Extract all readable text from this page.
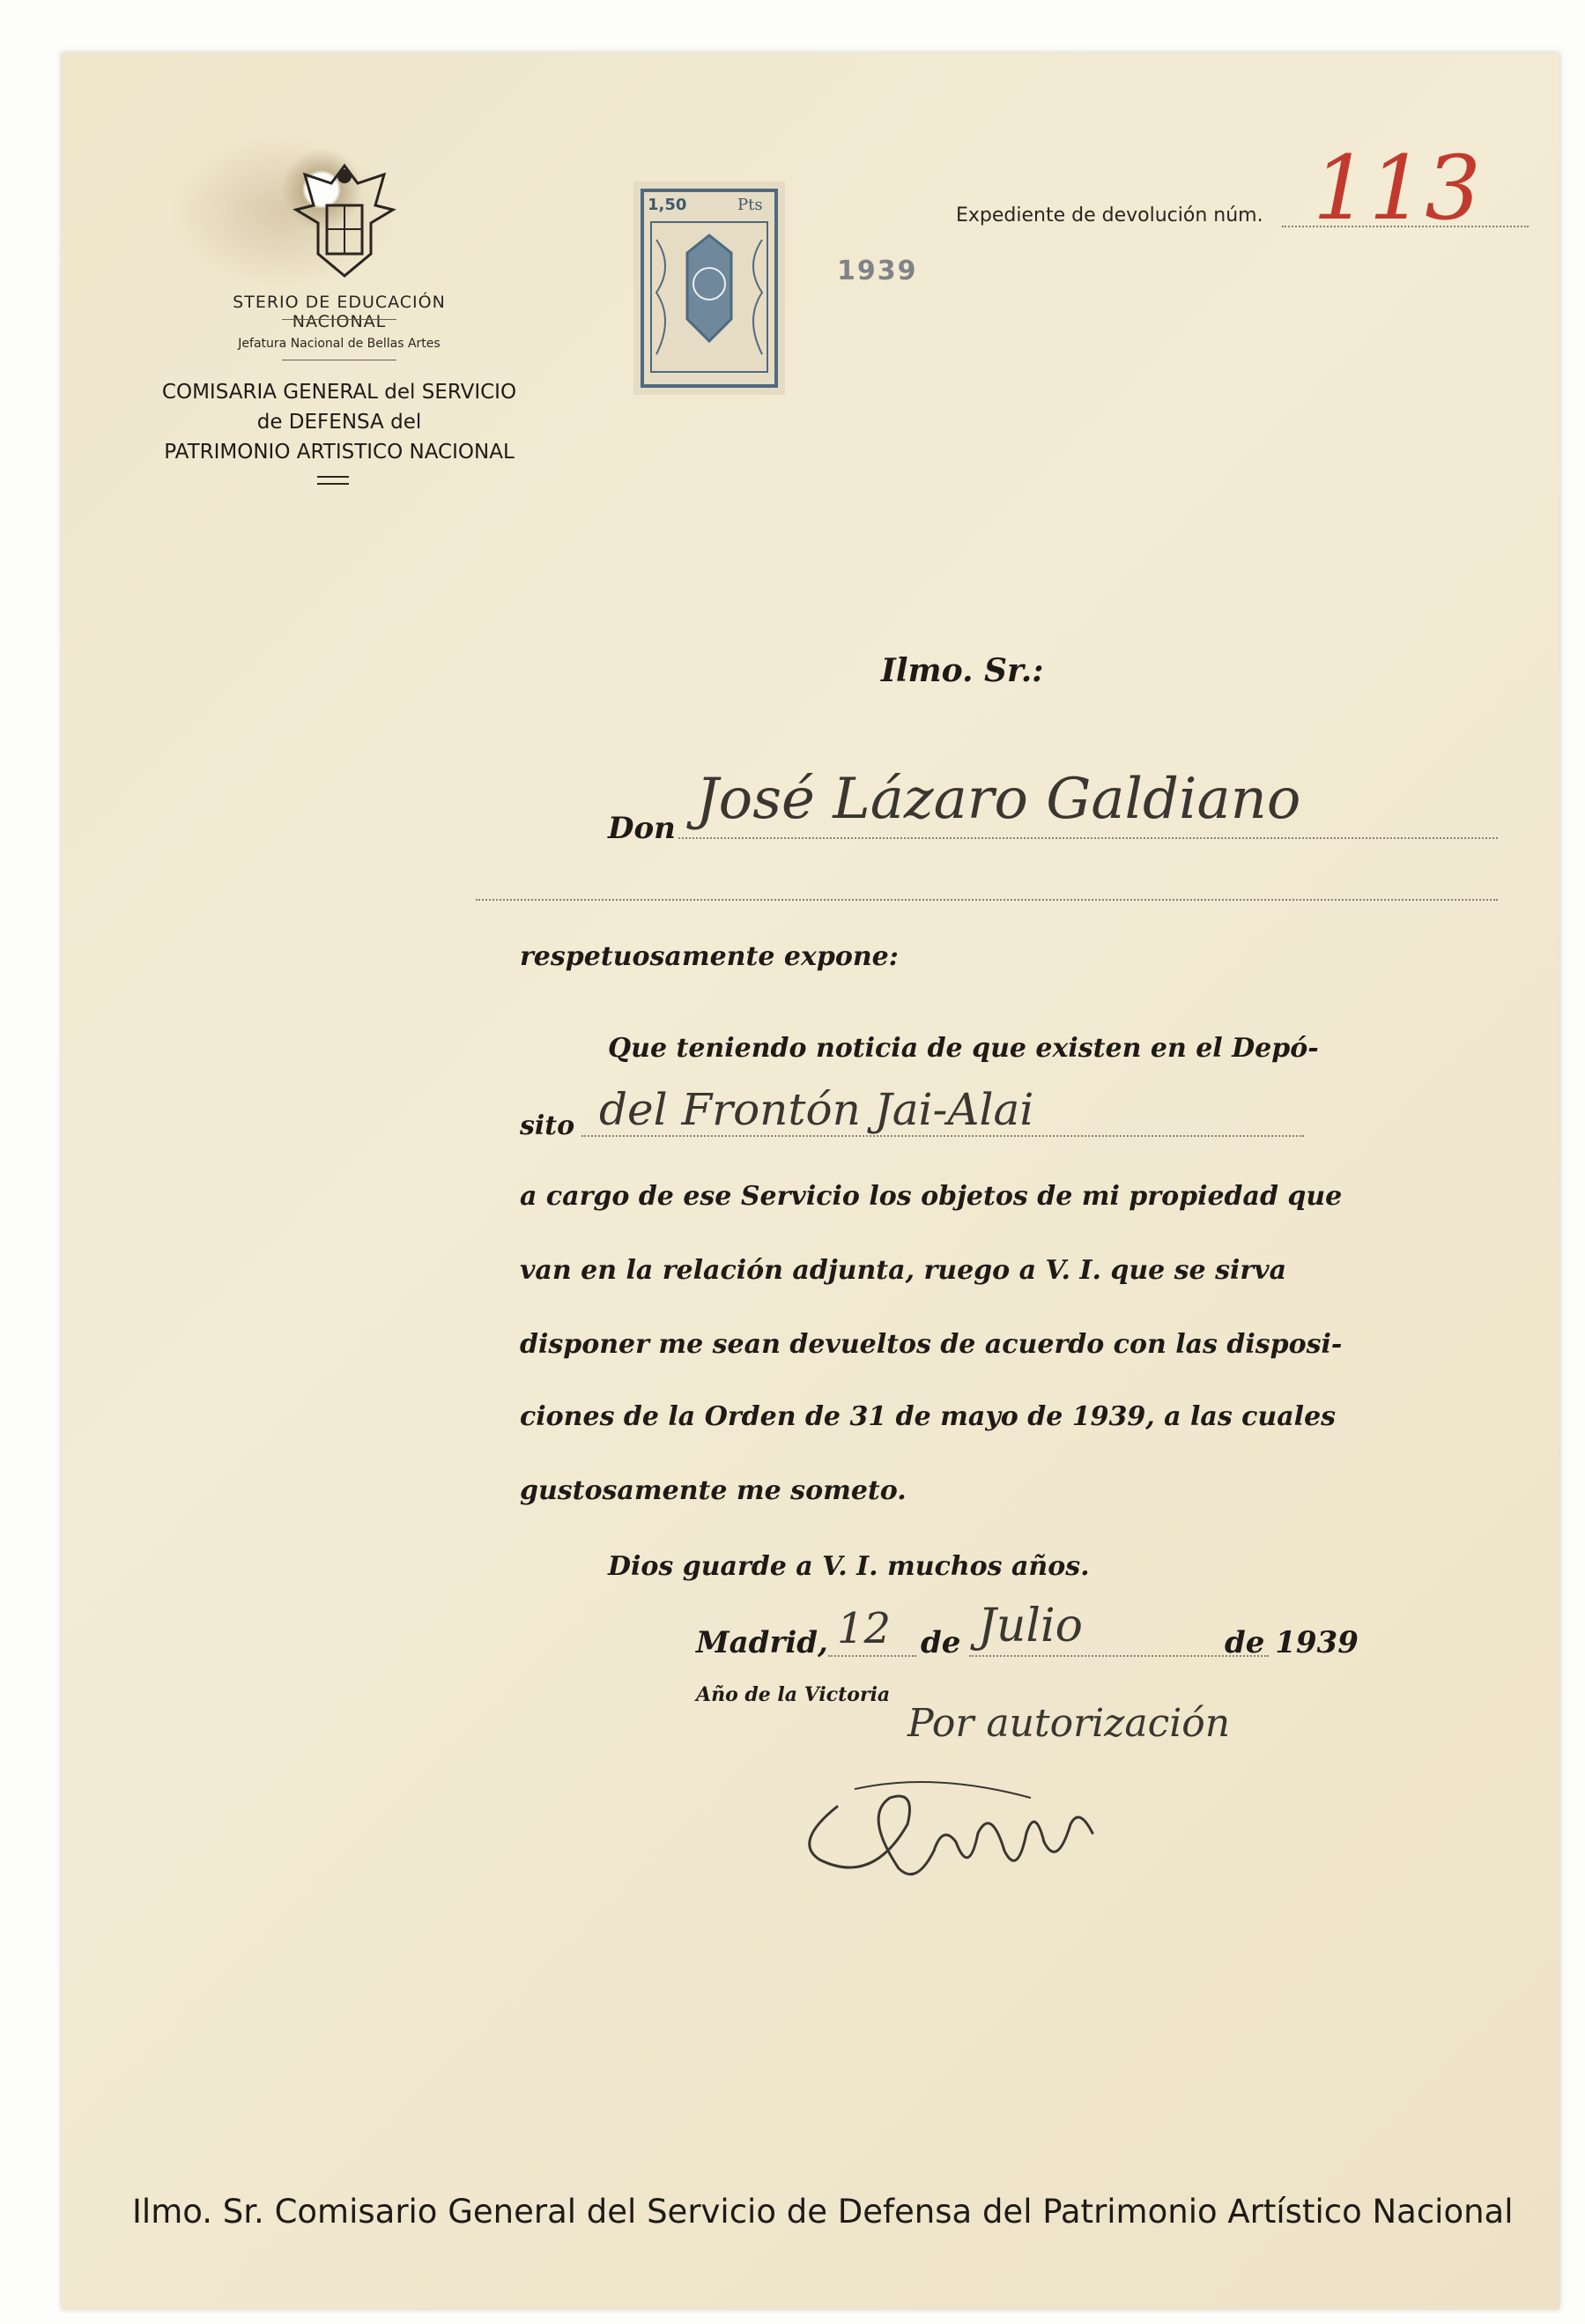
STERIO DE EDUCACIÓN NACIONAL
Jefatura Nacional de Bellas Artes
COMISARIA GENERAL del SERVICIO
de DEFENSA del
PATRIMONIO ARTISTICO NACIONAL
1,50	Pts
1939
Expediente de devolución núm. 113
Ilmo. Sr.:
Don José Lázaro Galdiano
respetuosamente expone:
Que teniendo noticia de que existen en el Depó-
sito del Frontón Jai-Alai
a cargo de ese Servicio los objetos de mi propiedad que
van en la relación adjunta, ruego a V. I. que se sirva
disponer me sean devueltos de acuerdo con las disposi-
ciones de la Orden de 31 de mayo de 1939, a las cuales
gustosamente me someto.
Dios guarde a V. I. muchos años.
Madrid, 12 de Julio	de 1939
Año de la Victoria
Por autorización
Ilmo. Sr. Comisario General del Servicio de Defensa del Patrimonio Artístico Nacional
